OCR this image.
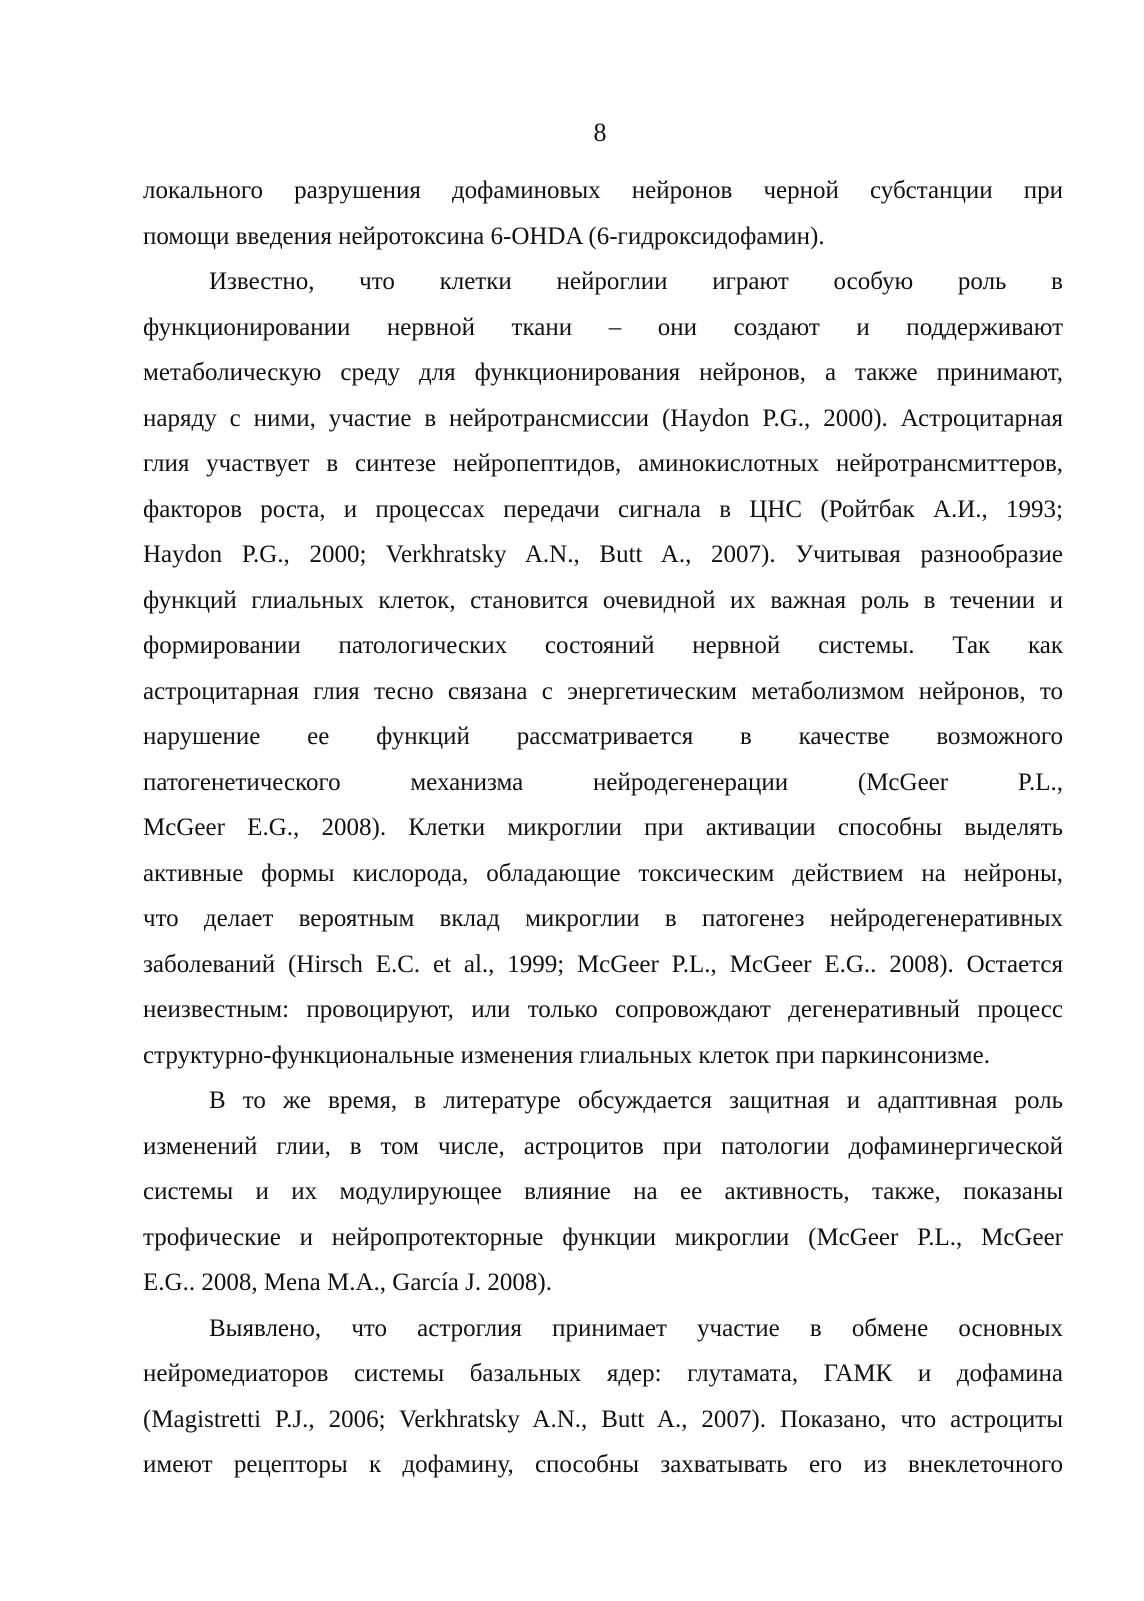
8
локального разрушения дофаминовых нейронов черной субстанции при
помощи введения нейротоксина 6-OHDA (6-гидроксидофамин).
Известно, что клетки нейроглии играют особую роль в
функционировании нервной ткани – они создают и поддерживают
метаболическую среду для функционирования нейронов, а также принимают,
наряду с ними, участие в нейротрансмиссии (Haydon P.G., 2000). Астроцитарная
глия участвует в синтезе нейропептидов, аминокислотных нейротрансмиттеров,
факторов роста, и процессах передачи сигнала в ЦНС (Ройтбак А.И., 1993;
Haydon P.G., 2000; Verkhratsky A.N., Butt A., 2007). Учитывая разнообразие
функций глиальных клеток, становится очевидной их важная роль в течении и
формировании патологических состояний нервной системы. Так как
астроцитарная глия тесно связана с энергетическим метаболизмом нейронов, то
нарушение ее функций рассматривается в качестве возможного
патогенетического механизма нейродегенерации (McGeer P.L.,
McGeer E.G., 2008). Клетки микроглии при активации способны выделять
активные формы кислорода, обладающие токсическим действием на нейроны,
что делает вероятным вклад микроглии в патогенез нейродегенеративных
заболеваний (Hirsch E.C. et al., 1999; McGeer P.L., McGeer E.G.. 2008). Остается
неизвестным: провоцируют, или только сопровождают дегенеративный процесс
структурно-функциональные изменения глиальных клеток при паркинсонизме.
В то же время, в литературе обсуждается защитная и адаптивная роль
изменений глии, в том числе, астроцитов при патологии дофаминергической
системы и их модулирующее влияние на ее активность, также, показаны
трофические и нейропротекторные функции микроглии (McGeer P.L., McGeer
E.G.. 2008, Mena M.A., García J. 2008).
Выявлено, что астроглия принимает участие в обмене основных
нейромедиаторов системы базальных ядер: глутамата, ГАМК и дофамина
(Magistretti P.J., 2006; Verkhratsky A.N., Butt A., 2007). Показано, что астроциты
имеют рецепторы к дофамину, способны захватывать его из внеклеточного
